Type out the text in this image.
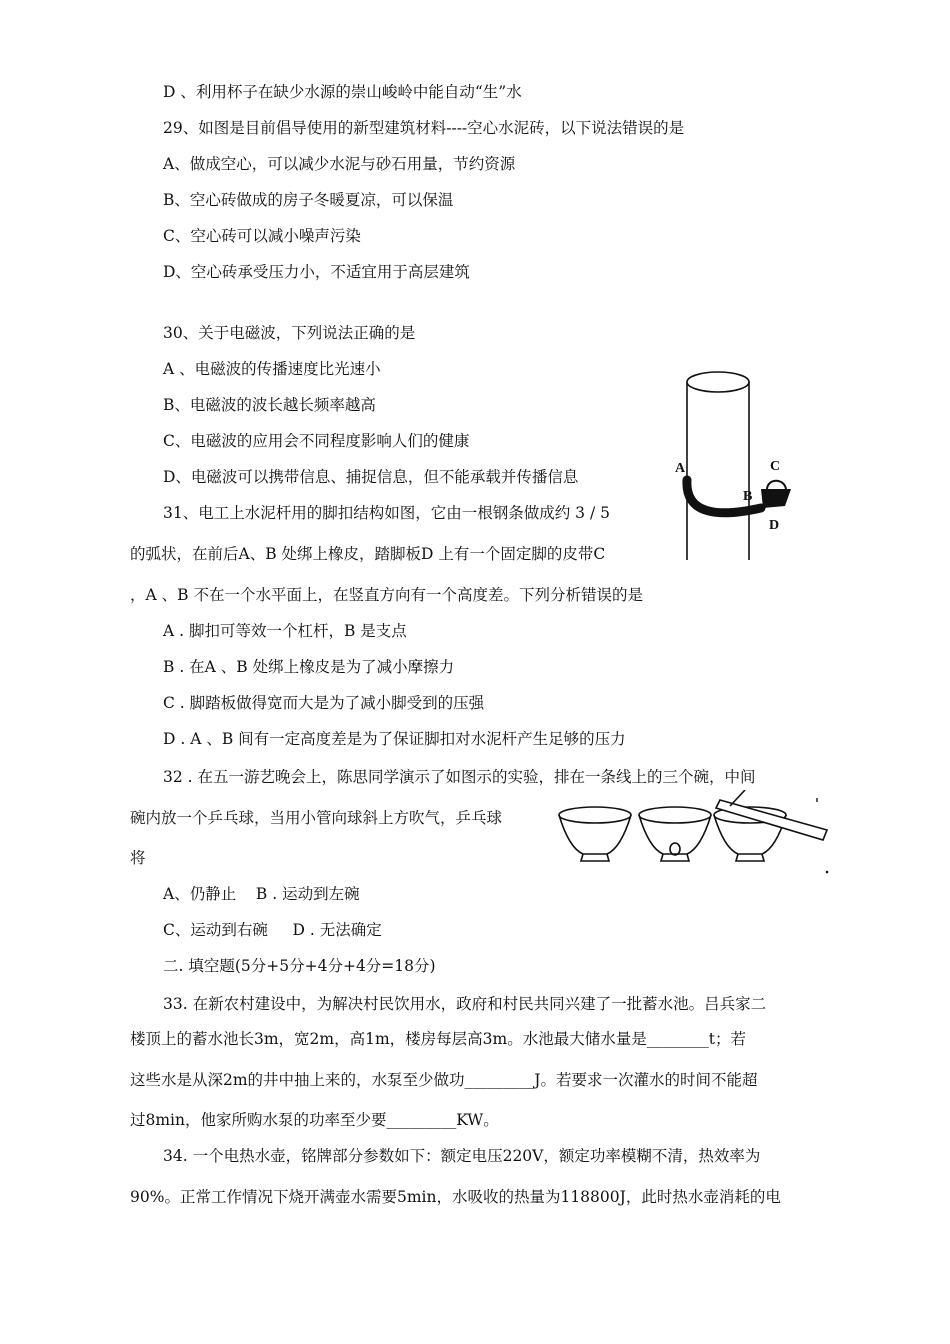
D 、利用杯子在缺少水源的崇山峻岭中能自动“生”水
29、如图是目前倡导使用的新型建筑材料----空心水泥砖，以下说法错误的是
A、做成空心，可以减少水泥与砂石用量，节约资源
B、空心砖做成的房子冬暖夏凉，可以保温
C、空心砖可以减小噪声污染
D、空心砖承受压力小，不适宜用于高层建筑
30、关于电磁波，下列说法正确的是
A 、电磁波的传播速度比光速小
B、电磁波的波长越长频率越高
C、电磁波的应用会不同程度影响人们的健康
D、电磁波可以携带信息、捕捉信息，但不能承载并传播信息
31、电工上水泥杆用的脚扣结构如图，它由一根钢条做成约 3 / 5
的弧状，在前后A、B 处绑上橡皮，踏脚板D 上有一个固定脚的皮带C
，A 、B 不在一个水平面上，在竖直方向有一个高度差。下列分析错误的是
A . 脚扣可等效一个杠杆，B 是支点
B . 在A 、B 处绑上橡皮是为了减小摩擦力
C . 脚踏板做得宽而大是为了减小脚受到的压强
D . A 、B 间有一定高度差是为了保证脚扣对水泥杆产生足够的压力
32 . 在五一游艺晚会上，陈思同学演示了如图示的实验，排在一条线上的三个碗，中间
碗内放一个乒乓球，当用小管向球斜上方吹气，乒乓球
将
A、仍静止    B . 运动到左碗
C、运动到右碗     D . 无法确定
二. 填空题(5分+5分+4分+4分=18分)
33. 在新农村建设中，为解决村民饮用水，政府和村民共同兴建了一批蓄水池。吕兵家二
楼顶上的蓄水池长3m，宽2m，高1m，楼房每层高3m。水池最大储水量是________t；若
这些水是从深2m的井中抽上来的，水泵至少做功_________J。若要求一次灌水的时间不能超
过8min，他家所购水泵的功率至少要_________KW。
34. 一个电热水壶，铭牌部分参数如下：额定电压220V，额定功率模糊不清，热效率为
90%。正常工作情况下烧开满壶水需要5min，水吸收的热量为118800J，此时热水壶消耗的电
A
B
C
D
